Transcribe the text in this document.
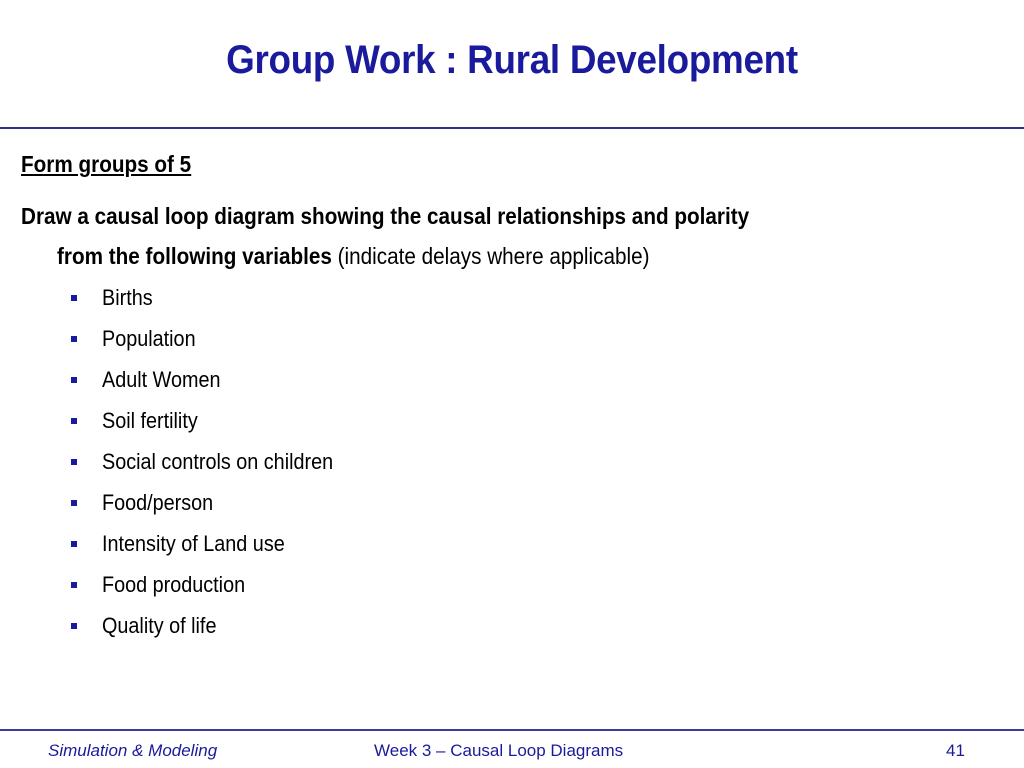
Group Work : Rural Development
Form groups of 5
Draw a causal loop diagram showing the causal relationships and polarity
from the following variables (indicate delays where applicable)
Births
Population
Adult Women
Soil fertility
Social controls on children
Food/person
Intensity of Land use
Food production
Quality of life
Simulation & Modeling	Week 3 – Causal Loop Diagrams	41
